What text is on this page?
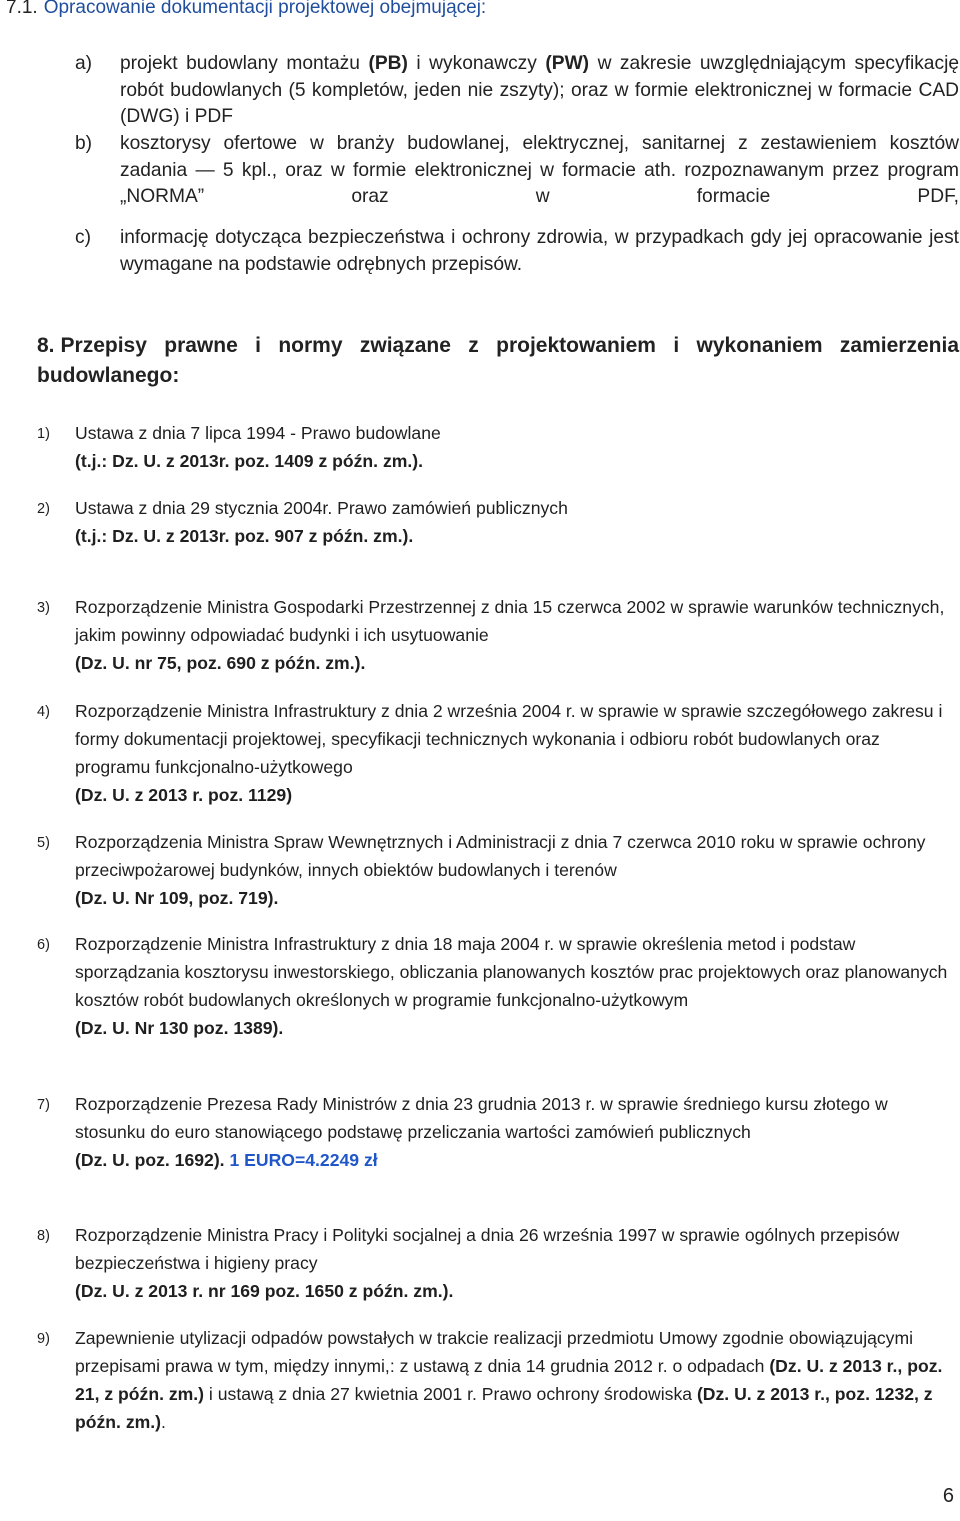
7.1. Opracowanie dokumentacji projektowej obejmującej:
a) projekt budowlany montażu (PB) i wykonawczy (PW) w zakresie uwzględniającym specyfikację robót budowlanych (5 kompletów, jeden nie zszyty); oraz w formie elektronicznej w formacie CAD (DWG) i PDF
b) kosztorysy ofertowe w branży budowlanej, elektrycznej, sanitarnej z zestawieniem kosztów zadania — 5 kpl., oraz w formie elektronicznej w formacie ath. rozpoznawanym przez program „NORMA” oraz w formacie PDF,
c) informację dotycząca bezpieczeństwa i ochrony zdrowia, w przypadkach gdy jej opracowanie jest wymagane na podstawie odrębnych przepisów.
8. Przepisy prawne i normy związane z projektowaniem i wykonaniem zamierzenia budowlanego:
1) Ustawa z dnia 7 lipca 1994 - Prawo budowlane
(t.j.: Dz. U. z 2013r. poz. 1409 z późn. zm.).
2) Ustawa z dnia 29 stycznia 2004r. Prawo zamówień publicznych
(t.j.: Dz. U. z 2013r. poz. 907 z późn. zm.).
3) Rozporządzenie Ministra Gospodarki Przestrzennej z dnia 15 czerwca 2002 w sprawie warunków technicznych, jakim powinny odpowiadać budynki i ich usytuowanie
(Dz. U. nr 75, poz. 690 z późn. zm.).
4) Rozporządzenie Ministra Infrastruktury z dnia 2 września 2004 r. w sprawie w sprawie szczegółowego zakresu i formy dokumentacji projektowej, specyfikacji technicznych wykonania i odbioru robót budowlanych oraz programu funkcjonalno-użytkowego
(Dz. U. z 2013 r. poz. 1129)
5) Rozporządzenia Ministra Spraw Wewnętrznych i Administracji z dnia 7 czerwca 2010 roku w sprawie ochrony przeciwpożarowej budynków, innych obiektów budowlanych i terenów
(Dz. U. Nr 109, poz. 719).
6) Rozporządzenie Ministra Infrastruktury z dnia 18 maja 2004 r. w sprawie określenia metod i podstaw sporządzania kosztorysu inwestorskiego, obliczania planowanych kosztów prac projektowych oraz planowanych kosztów robót budowlanych określonych w programie funkcjonalno-użytkowym
(Dz. U. Nr 130 poz. 1389).
7) Rozporządzenie Prezesa Rady Ministrów z dnia 23 grudnia 2013 r. w sprawie średniego kursu złotego w stosunku do euro stanowiącego podstawę przeliczania wartości zamówień publicznych
(Dz. U. poz. 1692). 1 EURO=4.2249 zł
8) Rozporządzenie Ministra Pracy i Polityki socjalnej a dnia 26 września 1997 w sprawie ogólnych przepisów bezpieczeństwa i higieny pracy
(Dz. U. z 2013 r. nr 169 poz. 1650 z późn. zm.).
9) Zapewnienie utylizacji odpadów powstałych w trakcie realizacji przedmiotu Umowy zgodnie obowiązującymi przepisami prawa w tym, między innymi,: z ustawą z dnia 14 grudnia 2012 r. o odpadach (Dz. U. z 2013 r., poz. 21, z późn. zm.) i ustawą z dnia 27 kwietnia 2001 r. Prawo ochrony środowiska (Dz. U. z 2013 r., poz. 1232, z późn. zm.).
6
